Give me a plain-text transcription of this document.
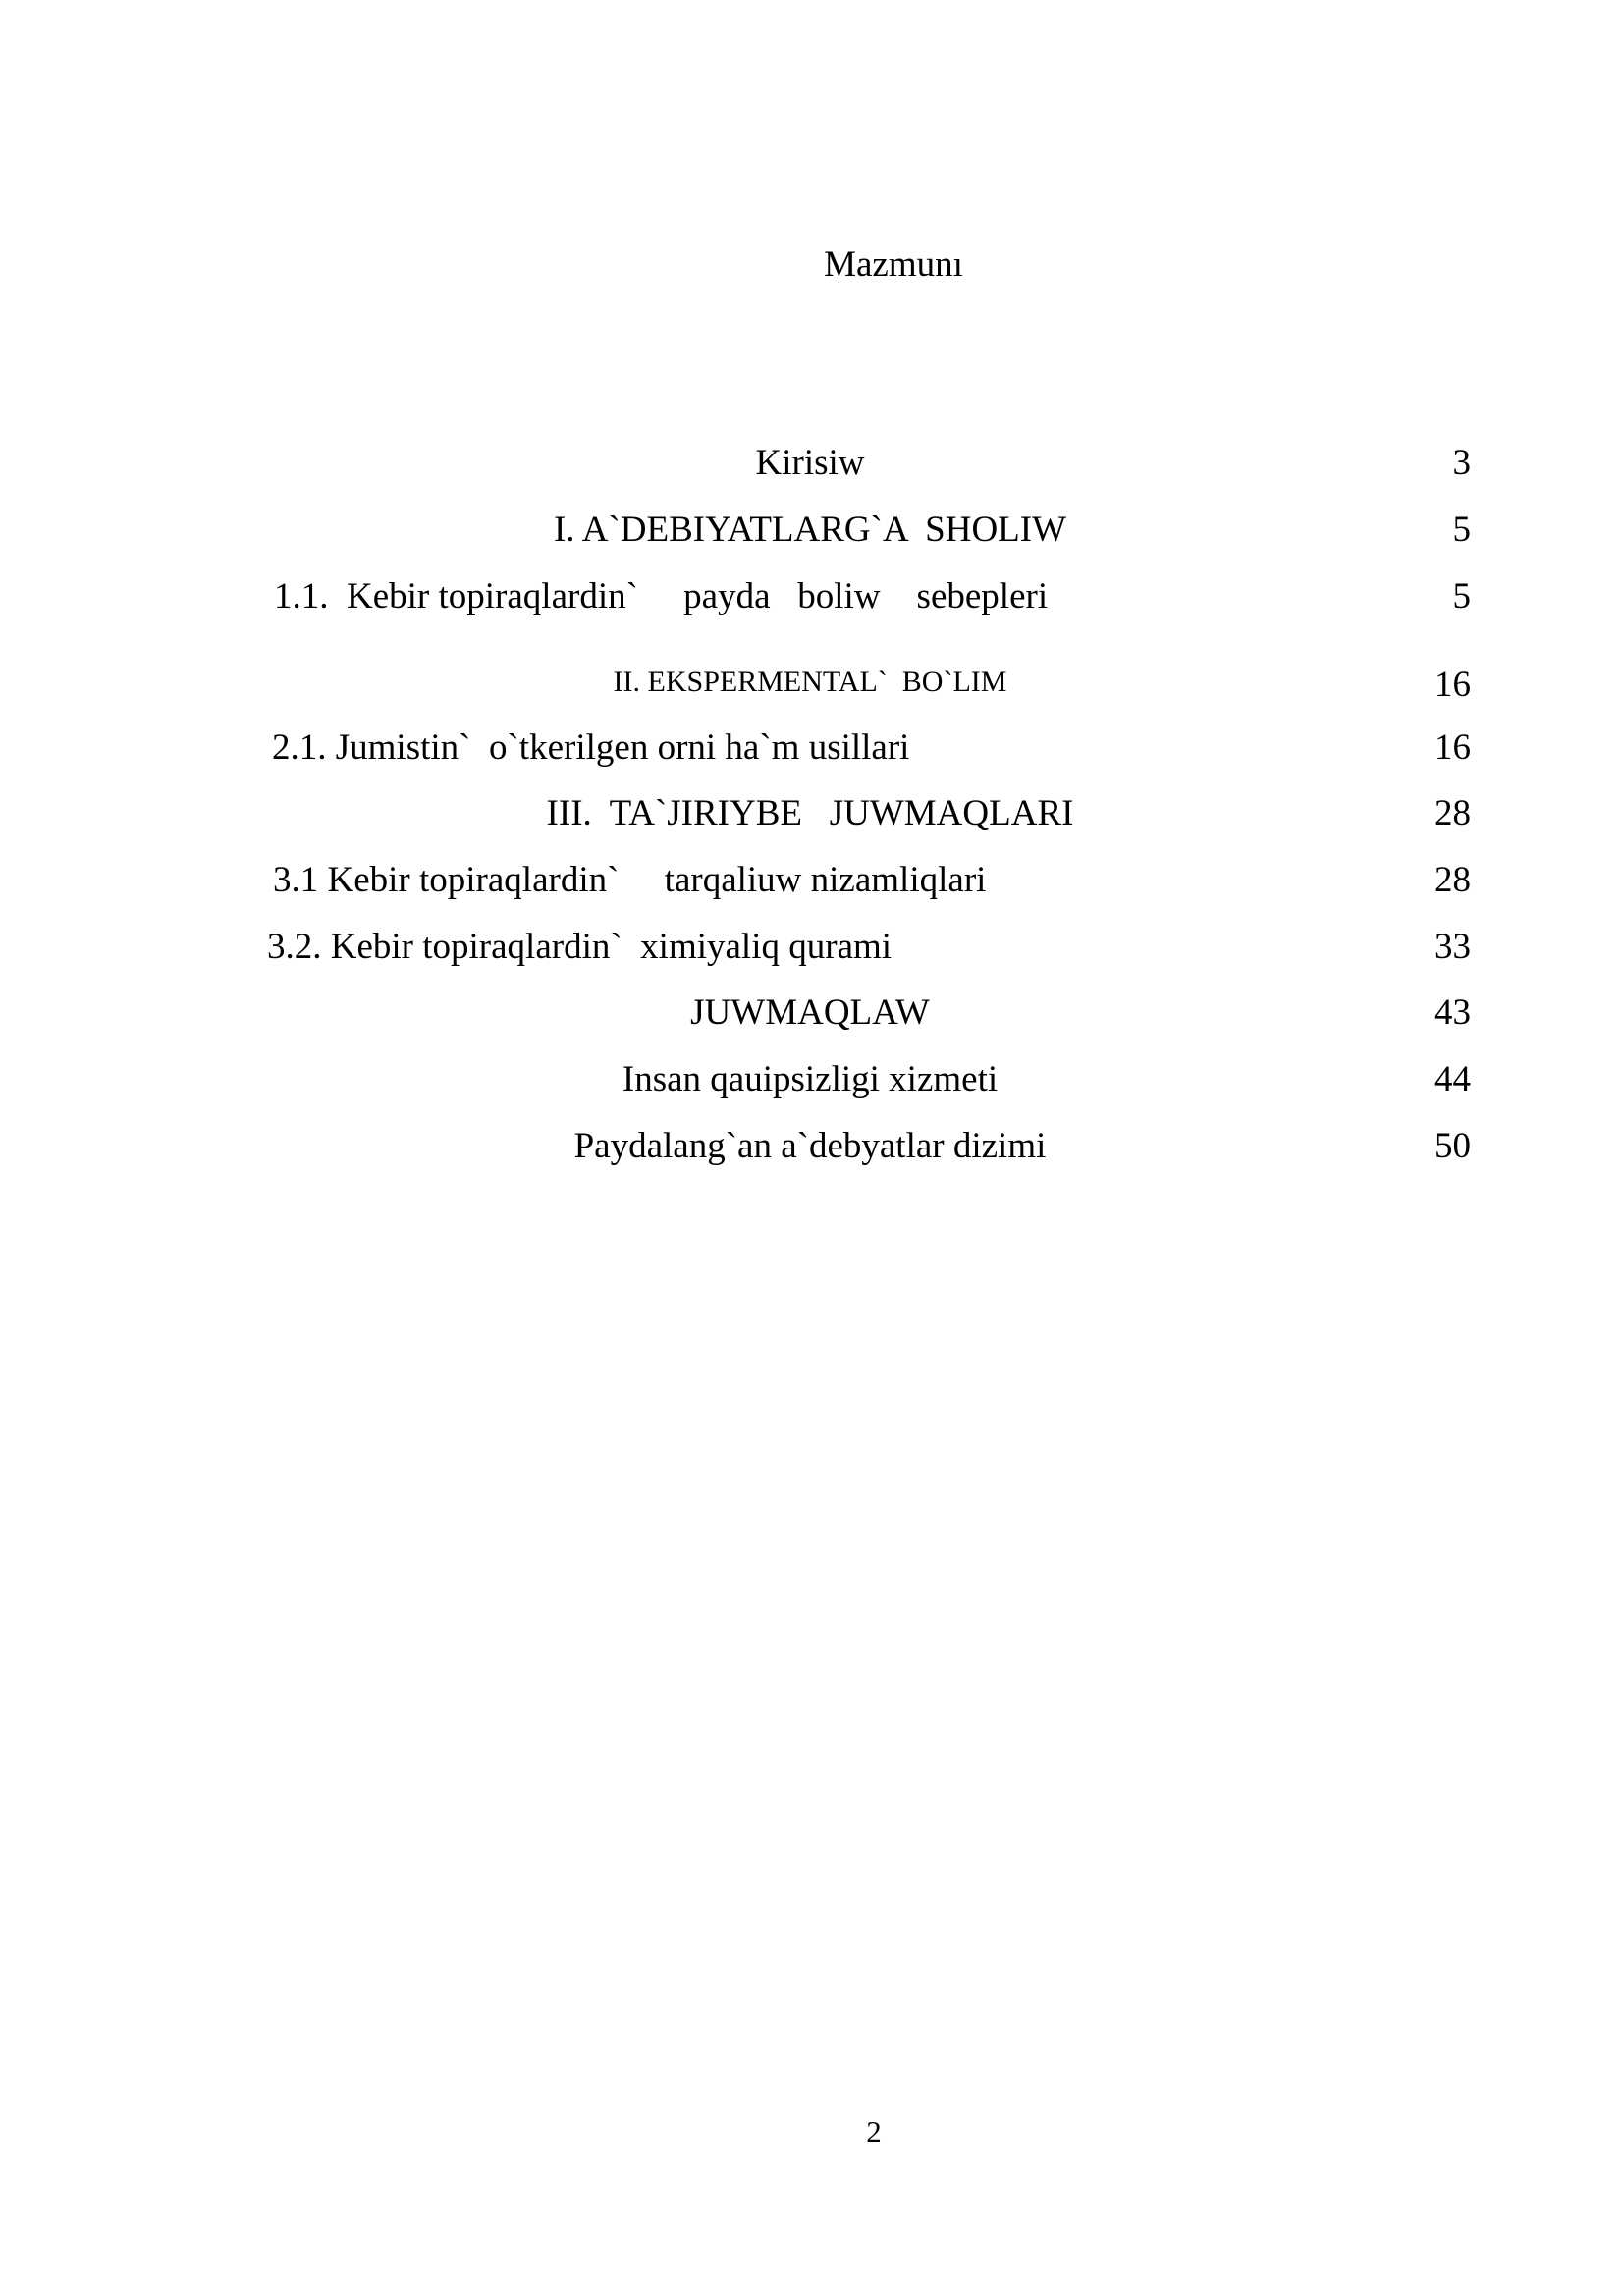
Mazmunı
Kirisiw	3
I. A`DEBIYATLARG`A  SHOLIW	5
1.1.  Kebir topiraqlardin`     payda   boliw    sebepleri	5
II. EKSPERMENTAL`  BO`LIM	16
2.1. Jumistin`  o`tkerilgen orni ha`m usillari	16
III.  TA`JIRIYBE   JUWMAQLARI	28
3.1 Kebir topiraqlardin`     tarqaliuw nizamliqlari	28
3.2. Kebir topiraqlardin`  ximiyaliq qurami	33
JUWMAQLAW	43
Insan qauipsizligi xizmeti	44
Paydalang`an a`debyatlar dizimi	50
2
